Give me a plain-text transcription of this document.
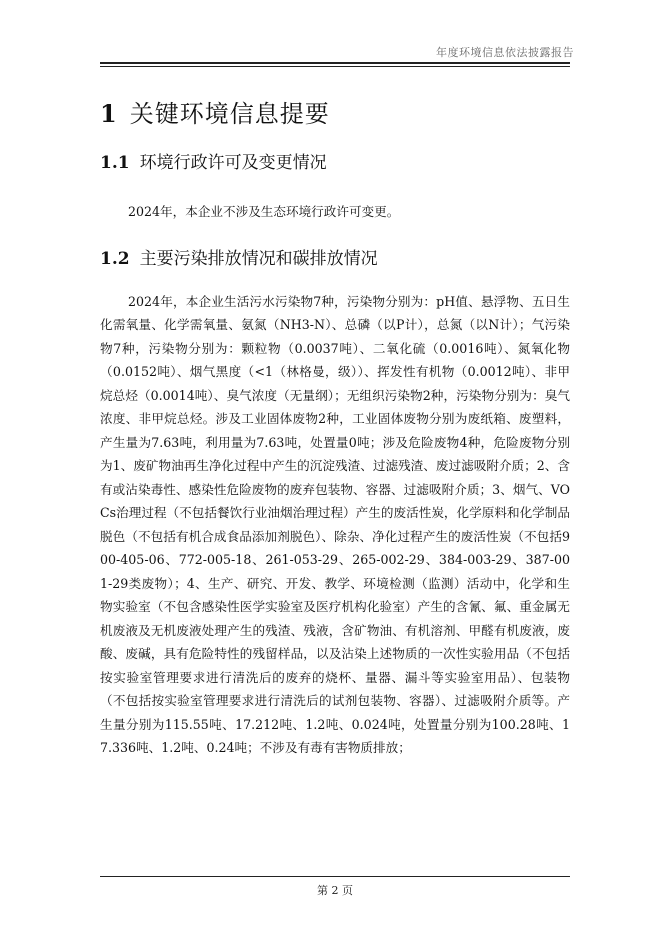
年度环境信息依法披露报告
1 关键环境信息提要
1.1 环境行政许可及变更情况

2024年，本企业不涉及生态环境行政许可变更。

1.2 主要污染排放情况和碳排放情况

2024年，本企业生活污水污染物7种，污染物分别为：pH值、悬浮物、五日生化需氧量、化学需氧量、氨氮（NH3-N）、总磷（以P计），总氮（以N计）；气污染物7种，污染物分别为：颗粒物（0.0037吨）、二氧化硫（0.0016吨）、氮氧化物（0.0152吨）、烟气黑度（<1（林格曼，级））、挥发性有机物（0.0012吨）、非甲烷总烃（0.0014吨）、臭气浓度（无量纲）；无组织污染物2种，污染物分别为：臭气浓度、非甲烷总烃。涉及工业固体废物2种，工业固体废物分别为废纸箱、废塑料，产生量为7.63吨，利用量为7.63吨，处置量0吨；涉及危险废物4种，危险废物分别为1、废矿物油再生净化过程中产生的沉淀残渣、过滤残渣、废过滤吸附介质；2、含有或沾染毒性、感染性危险废物的废弃包装物、容器、过滤吸附介质；3、烟气、VOCs治理过程（不包括餐饮行业油烟治理过程）产生的废活性炭，化学原料和化学制品脱色（不包括有机合成食品添加剂脱色）、除杂、净化过程产生的废活性炭（不包括900-405-06、772-005-18、261-053-29、265-002-29、384-003-29、387-001-29类废物）；4、生产、研究、开发、教学、环境检测（监测）活动中，化学和生物实验室（不包含感染性医学实验室及医疗机构化验室）产生的含氰、氟、重金属无机废液及无机废液处理产生的残渣、残液，含矿物油、有机溶剂、甲醛有机废液，废酸、废碱，具有危险特性的残留样品，以及沾染上述物质的一次性实验用品（不包括按实验室管理要求进行清洗后的废弃的烧杯、量器、漏斗等实验室用品）、包装物（不包括按实验室管理要求进行清洗后的试剂包装物、容器）、过滤吸附介质等。产生量分别为115.55吨、17.212吨、1.2吨、0.024吨，处置量分别为100.28吨、17.336吨、1.2吨、0.24吨；不涉及有毒有害物质排放；

第 2 页
